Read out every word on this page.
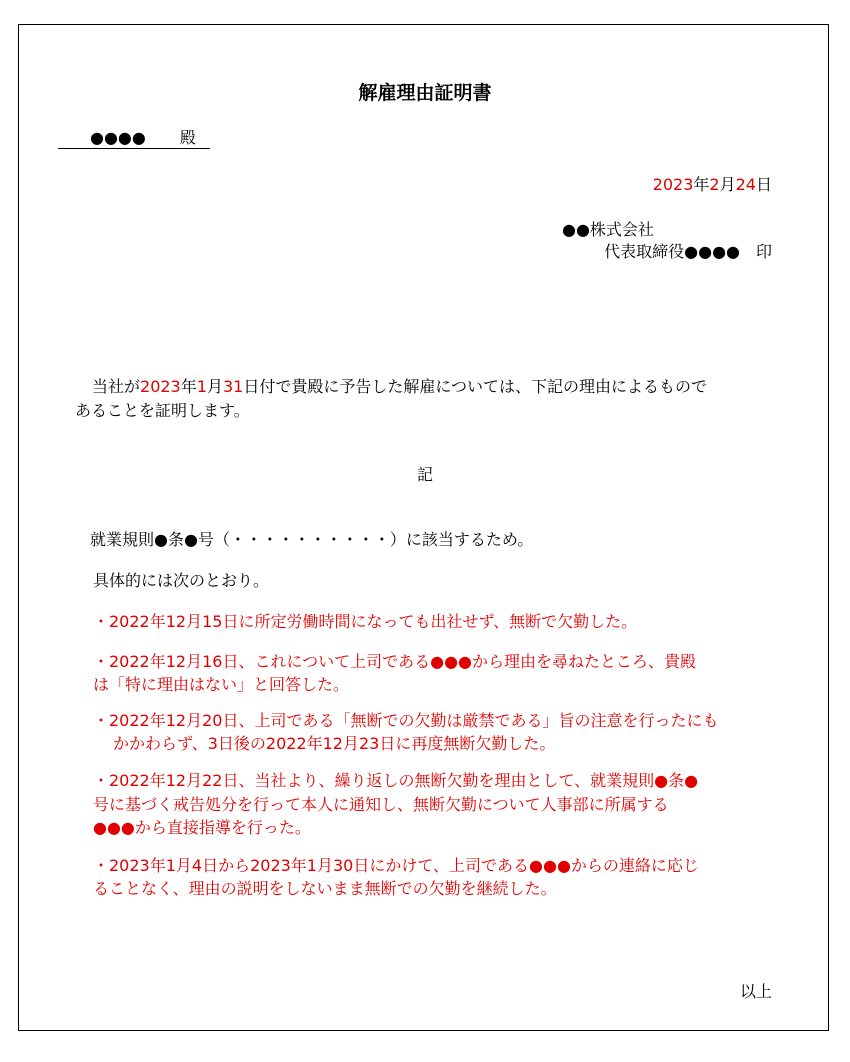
解雇理由証明書
●●●● 殿
2023年2月24日
●●株式会社
代表取締役●●●●　印
当社が2023年1月31日付で貴殿に予告した解雇については、下記の理由によるもので
あることを証明します。
記
就業規則●条●号（・・・・・・・・・・）に該当するため。
具体的には次のとおり。
・2022年12月15日に所定労働時間になっても出社せず、無断で欠勤した。
・2022年12月16日、これについて上司である●●●から理由を尋ねたところ、貴殿
は「特に理由はない」と回答した。
・2022年12月20日、上司である「無断での欠勤は厳禁である」旨の注意を行ったにも
かかわらず、3日後の2022年12月23日に再度無断欠勤した。
・2022年12月22日、当社より、繰り返しの無断欠勤を理由として、就業規則●条●
号に基づく戒告処分を行って本人に通知し、無断欠勤について人事部に所属する
●●●から直接指導を行った。
・2023年1月4日から2023年1月30日にかけて、上司である●●●からの連絡に応じ
ることなく、理由の説明をしないまま無断での欠勤を継続した。
以上
